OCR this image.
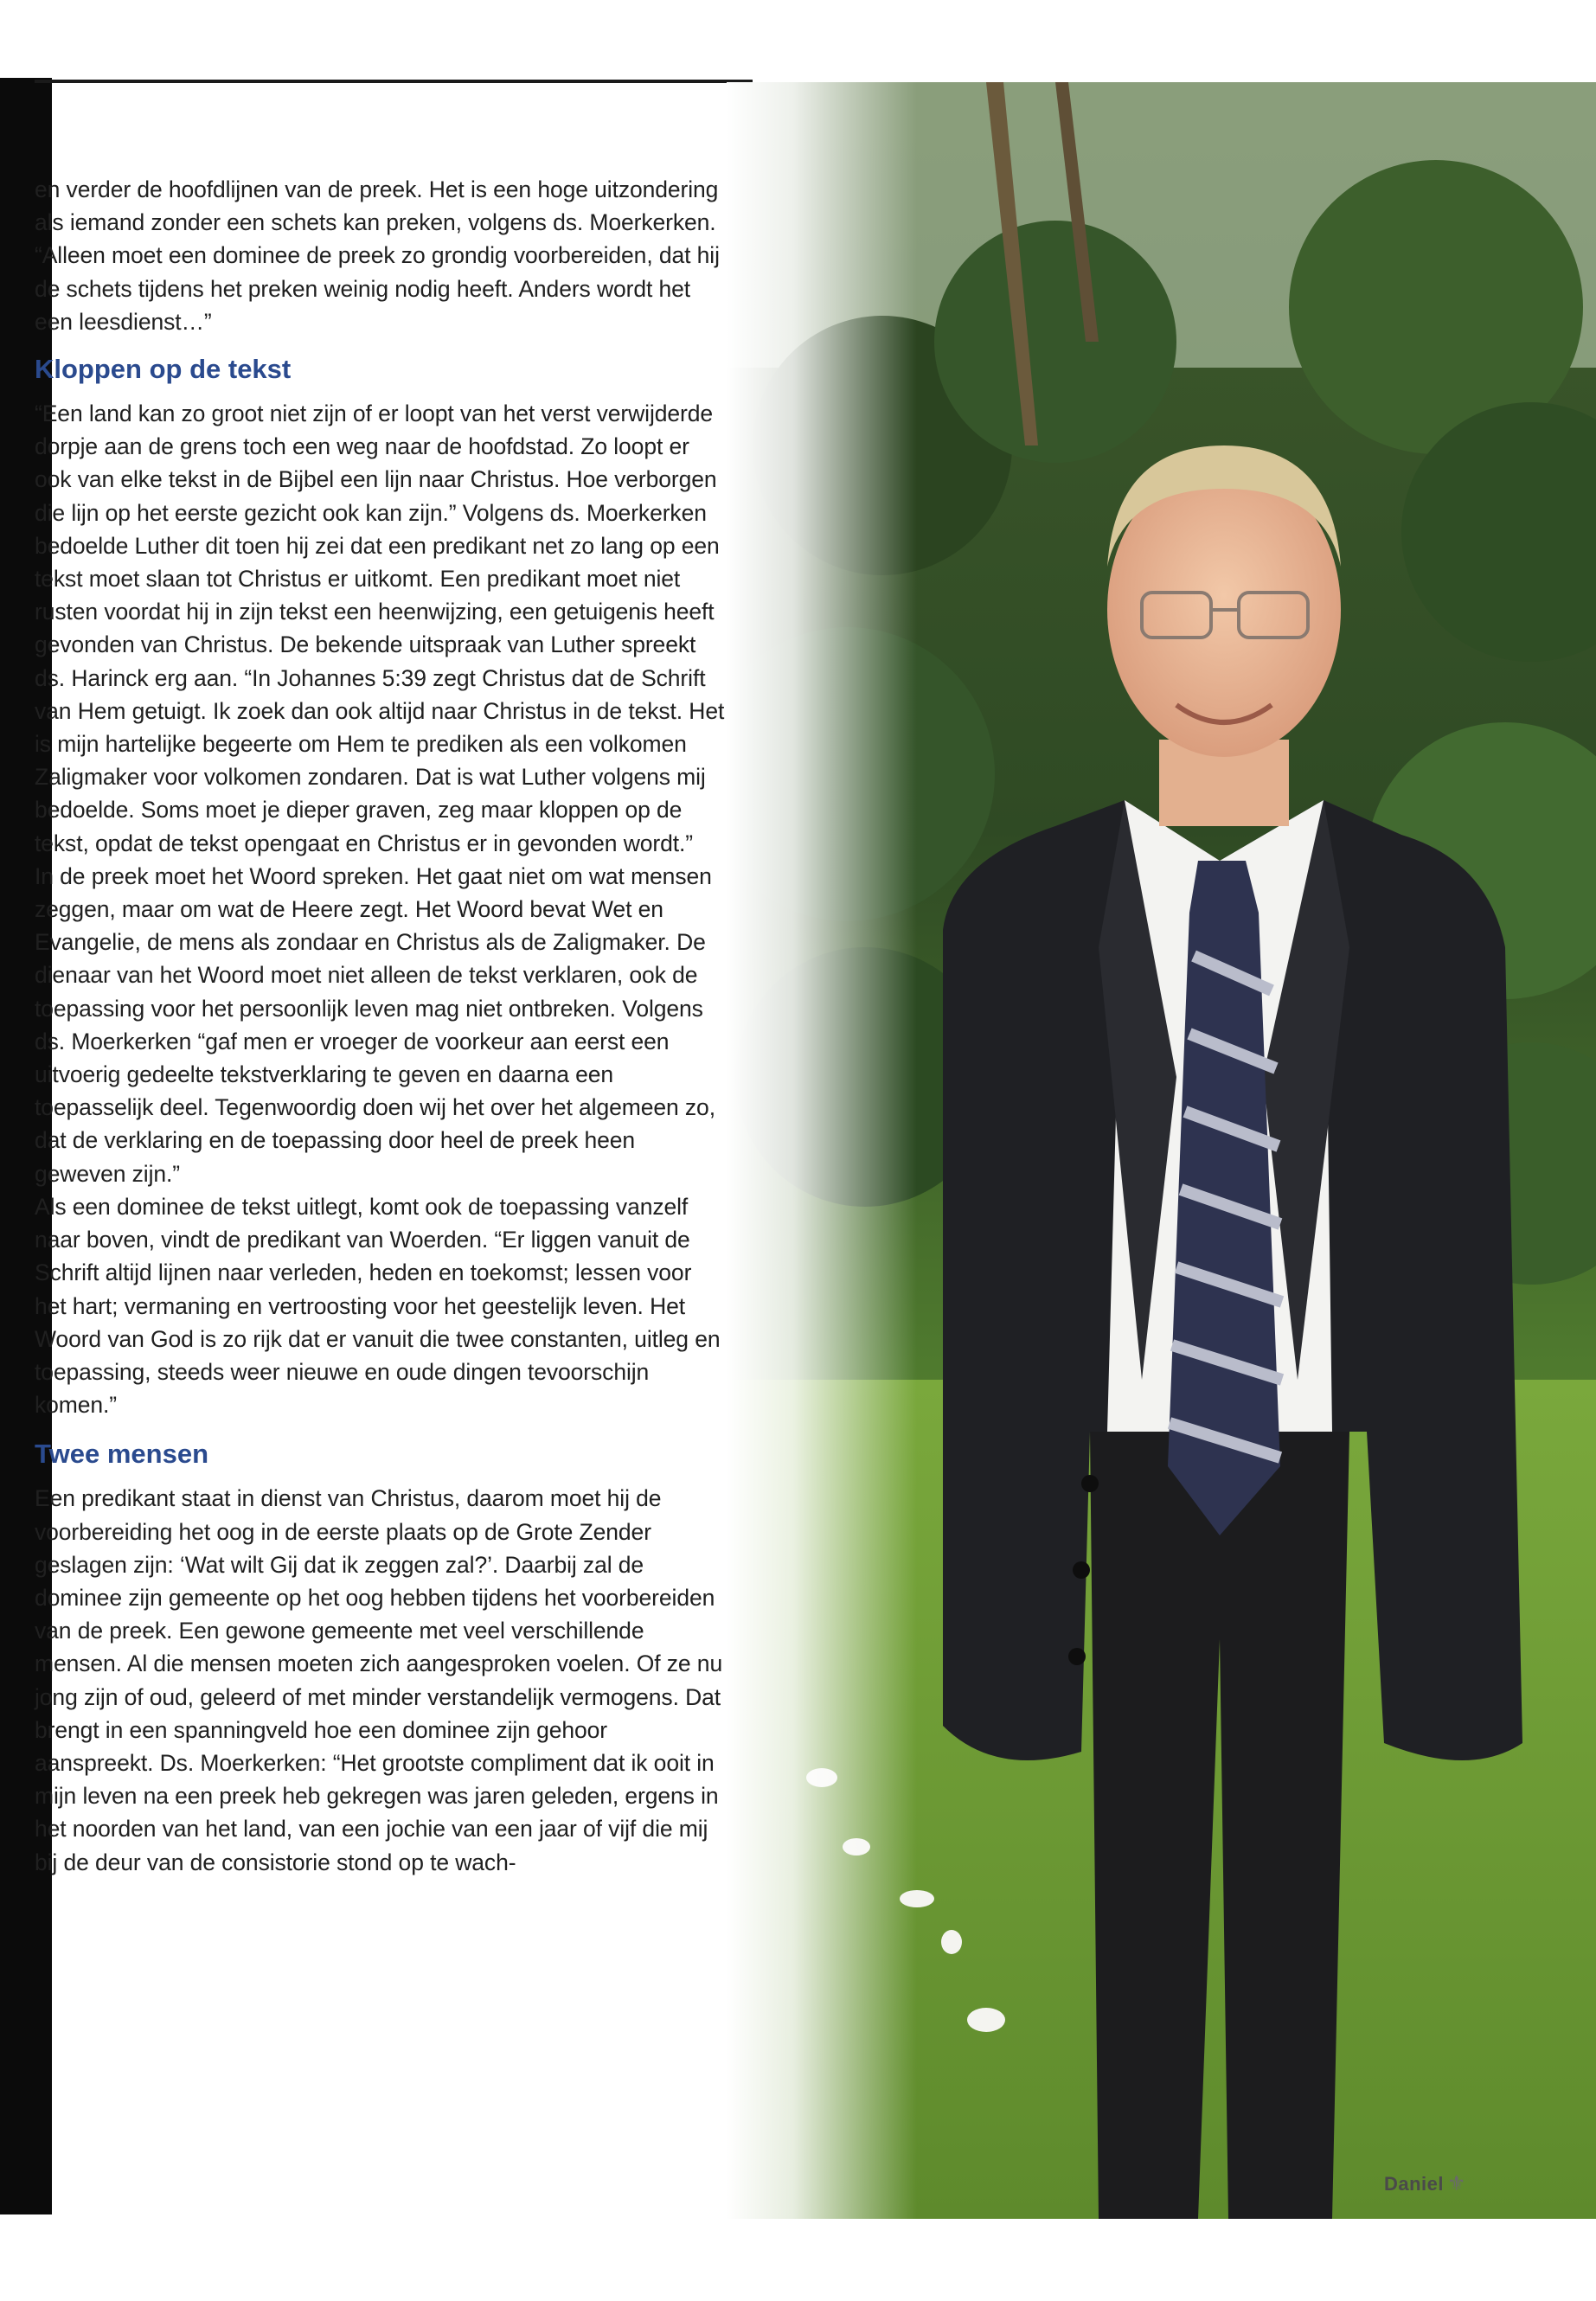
en verder de hoofdlijnen van de preek. Het is een hoge uitzondering als iemand zonder een schets kan preken, volgens ds. Moerkerken. “Alleen moet een dominee de preek zo grondig voorbereiden, dat hij de schets tijdens het preken weinig nodig heeft. Anders wordt het een leesdienst…”

Kloppen op de tekst

“Een land kan zo groot niet zijn of er loopt van het verst verwijderde dorpje aan de grens toch een weg naar de hoofdstad. Zo loopt er ook van elke tekst in de Bijbel een lijn naar Christus. Hoe verborgen die lijn op het eerste gezicht ook kan zijn.” Volgens ds. Moerkerken bedoelde Luther dit toen hij zei dat een predikant net zo lang op een tekst moet slaan tot Christus er uitkomt. Een predikant moet niet rusten voordat hij in zijn tekst een heenwijzing, een getuigenis heeft gevonden van Christus. De bekende uitspraak van Luther spreekt ds. Harinck erg aan. “In Johannes 5:39 zegt Christus dat de Schrift van Hem getuigt. Ik zoek dan ook altijd naar Christus in de tekst. Het is mijn hartelijke begeerte om Hem te prediken als een volkomen Zaligmaker voor volkomen zondaren. Dat is wat Luther volgens mij bedoelde. Soms moet je dieper graven, zeg maar kloppen op de tekst, opdat de tekst opengaat en Christus er in gevonden wordt.”

In de preek moet het Woord spreken. Het gaat niet om wat mensen zeggen, maar om wat de Heere zegt. Het Woord bevat Wet en Evangelie, de mens als zondaar en Christus als de Zaligmaker. De dienaar van het Woord moet niet alleen de tekst verklaren, ook de toepassing voor het persoonlijk leven mag niet ontbreken. Volgens ds. Moerkerken “gaf men er vroeger de voorkeur aan eerst een uitvoerig gedeelte tekstverklaring te geven en daarna een toepasselijk deel. Tegenwoordig doen wij het over het algemeen zo, dat de verklaring en de toepassing door heel de preek heen geweven zijn.”

Als een dominee de tekst uitlegt, komt ook de toepassing vanzelf naar boven, vindt de predikant van Woerden. “Er liggen vanuit de Schrift altijd lijnen naar verleden, heden en toekomst; lessen voor het hart; vermaning en vertroosting voor het geestelijk leven. Het Woord van God is zo rijk dat er vanuit die twee constanten, uitleg en toepassing, steeds weer nieuwe en oude dingen tevoorschijn komen.”

Twee mensen

Een predikant staat in dienst van Christus, daarom moet hij de voorbereiding het oog in de eerste plaats op de Grote Zender geslagen zijn: ‘Wat wilt Gij dat ik zeggen zal?’. Daarbij zal de dominee zijn gemeente op het oog hebben tijdens het voorbereiden van de preek. Een gewone gemeente met veel verschillende mensen. Al die mensen moeten zich aangesproken voelen. Of ze nu jong zijn of oud, geleerd of met minder verstandelijk vermogens. Dat brengt in een spanningveld hoe een dominee zijn gehoor aanspreekt. Ds. Moerkerken: “Het grootste compliment dat ik ooit in mijn leven na een preek heb gekregen was jaren geleden, ergens in het noorden van het land, van een jochie van een jaar of vijf die mij bij de deur van de consistorie stond op te wach-

Daniel ⚜
